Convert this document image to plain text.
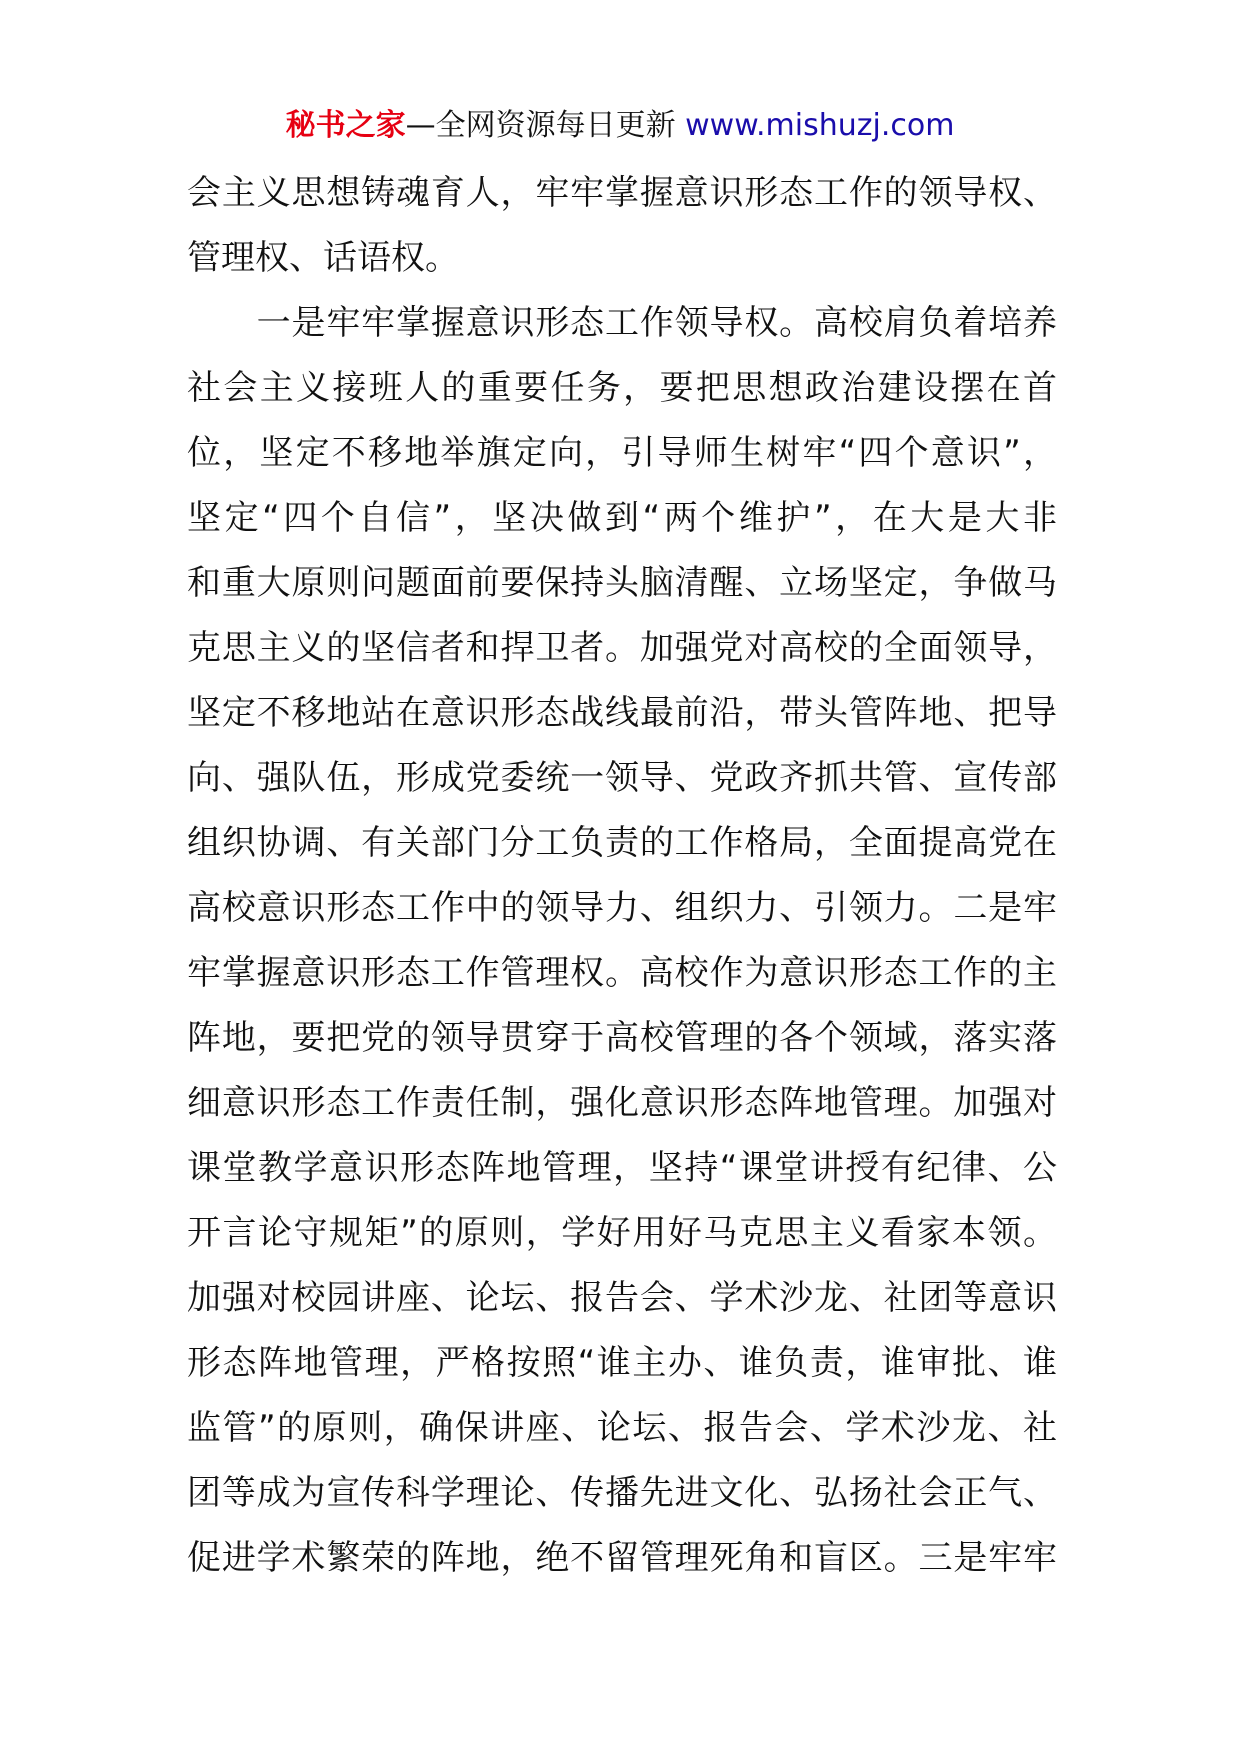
秘书之家—全网资源每日更新 www.mishuzj.com
会主义思想铸魂育人，牢牢掌握意识形态工作的领导权、
管理权、话语权。
　　一是牢牢掌握意识形态工作领导权。高校肩负着培养
社会主义接班人的重要任务，要把思想政治建设摆在首
位，坚定不移地举旗定向，引导师生树牢“四个意识”，
坚定“四个自信”，坚决做到“两个维护”，在大是大非
和重大原则问题面前要保持头脑清醒、立场坚定，争做马
克思主义的坚信者和捍卫者。加强党对高校的全面领导，
坚定不移地站在意识形态战线最前沿，带头管阵地、把导
向、强队伍，形成党委统一领导、党政齐抓共管、宣传部
组织协调、有关部门分工负责的工作格局，全面提高党在
高校意识形态工作中的领导力、组织力、引领力。二是牢
牢掌握意识形态工作管理权。高校作为意识形态工作的主
阵地，要把党的领导贯穿于高校管理的各个领域，落实落
细意识形态工作责任制，强化意识形态阵地管理。加强对
课堂教学意识形态阵地管理，坚持“课堂讲授有纪律、公
开言论守规矩”的原则，学好用好马克思主义看家本领。
加强对校园讲座、论坛、报告会、学术沙龙、社团等意识
形态阵地管理，严格按照“谁主办、谁负责，谁审批、谁
监管”的原则，确保讲座、论坛、报告会、学术沙龙、社
团等成为宣传科学理论、传播先进文化、弘扬社会正气、
促进学术繁荣的阵地，绝不留管理死角和盲区。三是牢牢
